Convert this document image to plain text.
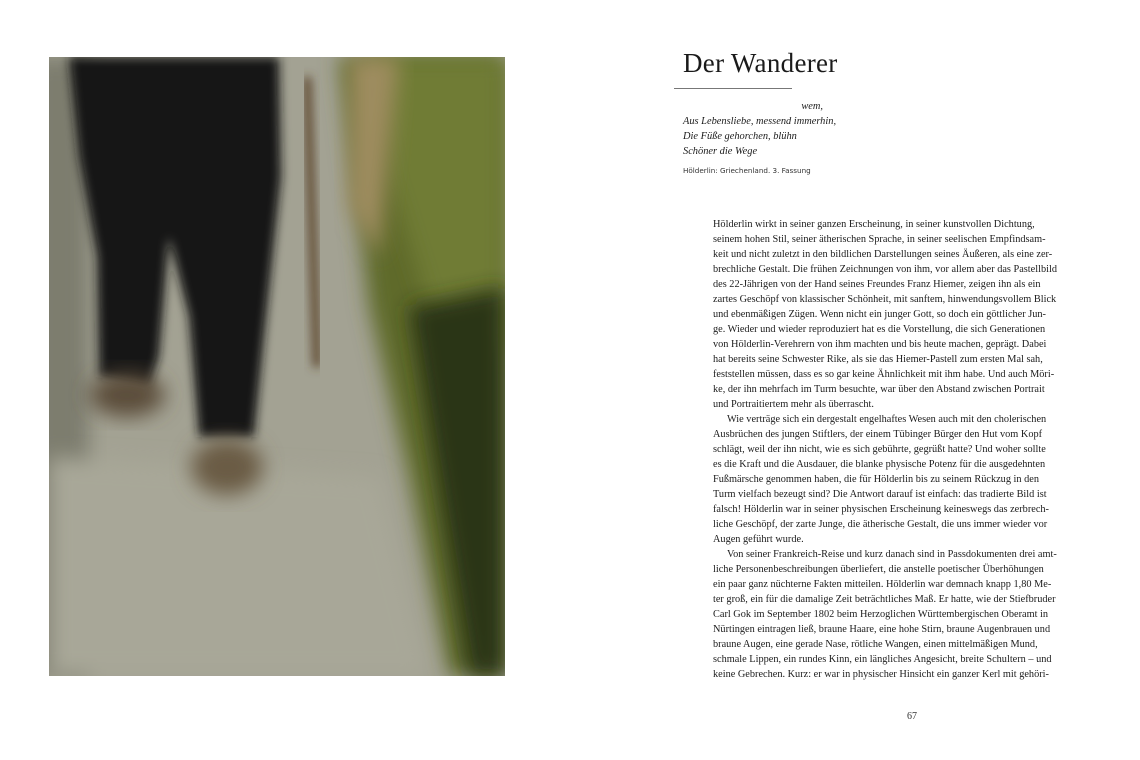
Der Wanderer
wem,
Aus Lebensliebe, messend immerhin,
Die Füße gehorchen, blühn
Schöner die Wege
Hölderlin: Griechenland. 3. Fassung
Hölderlin wirkt in seiner ganzen Erscheinung, in seiner kunstvollen Dichtung,
seinem hohen Stil, seiner ätherischen Sprache, in seiner seelischen Empfindsam-
keit und nicht zuletzt in den bildlichen Darstellungen seines Äußeren, als eine zer-
brechliche Gestalt. Die frühen Zeichnungen von ihm, vor allem aber das Pastellbild
des 22-Jährigen von der Hand seines Freundes Franz Hiemer, zeigen ihn als ein
zartes Geschöpf von klassischer Schönheit, mit sanftem, hinwendungsvollem Blick
und ebenmäßigen Zügen. Wenn nicht ein junger Gott, so doch ein göttlicher Jun-
ge. Wieder und wieder reproduziert hat es die Vorstellung, die sich Generationen
von Hölderlin-Verehrern von ihm machten und bis heute machen, geprägt. Dabei
hat bereits seine Schwester Rike, als sie das Hiemer-Pastell zum ersten Mal sah,
feststellen müssen, dass es so gar keine Ähnlichkeit mit ihm habe. Und auch Möri-
ke, der ihn mehrfach im Turm besuchte, war über den Abstand zwischen Portrait
und Portraitiertem mehr als überrascht.
Wie verträge sich ein dergestalt engelhaftes Wesen auch mit den cholerischen
Ausbrüchen des jungen Stiftlers, der einem Tübinger Bürger den Hut vom Kopf
schlägt, weil der ihn nicht, wie es sich gebührte, gegrüßt hatte? Und woher sollte
es die Kraft und die Ausdauer, die blanke physische Potenz für die ausgedehnten
Fußmärsche genommen haben, die für Hölderlin bis zu seinem Rückzug in den
Turm vielfach bezeugt sind? Die Antwort darauf ist einfach: das tradierte Bild ist
falsch! Hölderlin war in seiner physischen Erscheinung keineswegs das zerbrech-
liche Geschöpf, der zarte Junge, die ätherische Gestalt, die uns immer wieder vor
Augen geführt wurde.
Von seiner Frankreich-Reise und kurz danach sind in Passdokumenten drei amt-
liche Personenbeschreibungen überliefert, die anstelle poetischer Überhöhungen
ein paar ganz nüchterne Fakten mitteilen. Hölderlin war demnach knapp 1,80 Me-
ter groß, ein für die damalige Zeit beträchtliches Maß. Er hatte, wie der Stiefbruder
Carl Gok im September 1802 beim Herzoglichen Württembergischen Oberamt in
Nürtingen eintragen ließ, braune Haare, eine hohe Stirn, braune Augenbrauen und
braune Augen, eine gerade Nase, rötliche Wangen, einen mittelmäßigen Mund,
schmale Lippen, ein rundes Kinn, ein längliches Angesicht, breite Schultern – und
keine Gebrechen. Kurz: er war in physischer Hinsicht ein ganzer Kerl mit gehöri-
67
